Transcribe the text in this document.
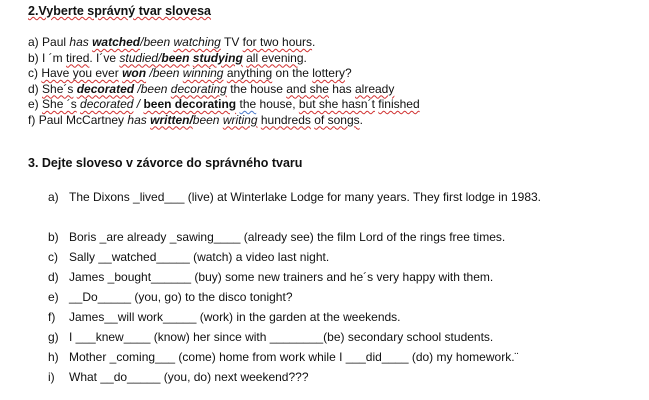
2.Vyberte správný tvar slovesa
a) Paul has watched/been watching TV for two hours.
b) I ´m tired. I´ve studied/been studying all evening.
c) Have you ever won /been winning anything on the lottery?
d) She´s decorated /been decorating the house and she has already
e) She ´s decorated / been decorating the house, but she hasn´t finished
f) Paul McCartney has written/been writing hundreds of songs.
3. Dejte sloveso v závorce do správného tvaru
a) The Dixons _lived___ (live) at Winterlake Lodge for many years. They first lodge in 1983.
b) Boris _are already _sawing____ (already see) the film Lord of the rings free times.
c) Sally __watched_____ (watch) a video last night.
d) James _bought______ (buy) some new trainers and he´s very happy with them.
e) __Do_____ (you, go) to the disco tonight?
f) James__will work_____ (work) in the garden at the weekends.
g) I ___knew____ (know) her since with ________(be) secondary school students.
h) Mother _coming___ (come) home from work while I ___did____ (do) my homework.¨
i) What __do_____ (you, do) next weekend???
